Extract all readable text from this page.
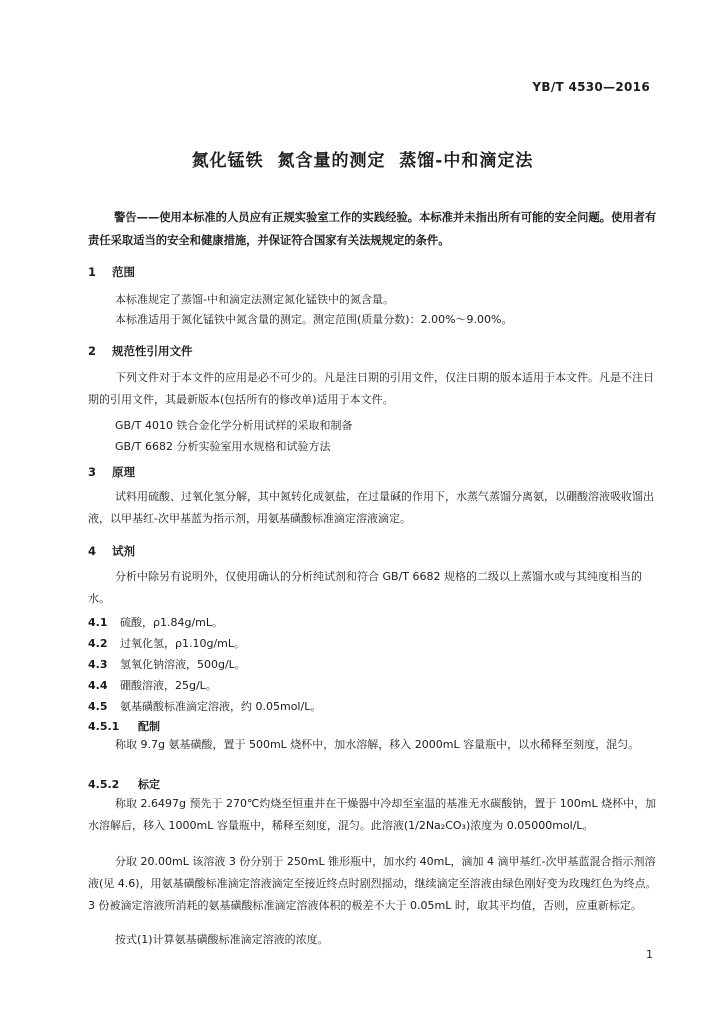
YB/T 4530—2016
氮化锰铁  氮含量的测定  蒸馏-中和滴定法
警告——使用本标准的人员应有正规实验室工作的实践经验。本标准并未指出所有可能的安全问题。使用者有责任采取适当的安全和健康措施，并保证符合国家有关法规规定的条件。
1 范围
本标准规定了蒸馏-中和滴定法测定氮化锰铁中的氮含量。
本标准适用于氮化锰铁中氮含量的测定。测定范围(质量分数)：2.00%～9.00%。
2 规范性引用文件
下列文件对于本文件的应用是必不可少的。凡是注日期的引用文件，仅注日期的版本适用于本文件。凡是不注日期的引用文件，其最新版本(包括所有的修改单)适用于本文件。
GB/T 4010 铁合金化学分析用试样的采取和制备
GB/T 6682 分析实验室用水规格和试验方法
3 原理
试料用硫酸、过氧化氢分解，其中氮转化成氨盐，在过量碱的作用下，水蒸气蒸馏分离氨，以硼酸溶液吸收馏出液，以甲基红-次甲基蓝为指示剂，用氨基磺酸标准滴定溶液滴定。
4 试剂
分析中除另有说明外，仅使用确认的分析纯试剂和符合 GB/T 6682 规格的二级以上蒸馏水或与其纯度相当的水。
4.1 硫酸，ρ1.84g/mL。
4.2 过氧化氢，ρ1.10g/mL。
4.3 氢氧化钠溶液，500g/L。
4.4 硼酸溶液，25g/L。
4.5 氨基磺酸标准滴定溶液，约 0.05mol/L。
4.5.1 配制
称取 9.7g 氨基磺酸，置于 500mL 烧杯中，加水溶解，移入 2000mL 容量瓶中，以水稀释至刻度，混匀。
4.5.2 标定
称取 2.6497g 预先于 270℃灼烧至恒重并在干燥器中冷却至室温的基准无水碳酸钠，置于 100mL 烧杯中，加水溶解后，移入 1000mL 容量瓶中，稀释至刻度，混匀。此溶液(1/2Na₂CO₃)浓度为 0.05000mol/L。
分取 20.00mL 该溶液 3 份分别于 250mL 锥形瓶中，加水约 40mL，滴加 4 滴甲基红-次甲基蓝混合指示剂溶液(见 4.6)，用氨基磺酸标准滴定溶液滴定至接近终点时剧烈摇动，继续滴定至溶液由绿色刚好变为玫瑰红色为终点。3 份被滴定溶液所消耗的氨基磺酸标准滴定溶液体积的极差不大于 0.05mL 时，取其平均值，否则，应重新标定。
按式(1)计算氨基磺酸标准滴定溶液的浓度。
1
